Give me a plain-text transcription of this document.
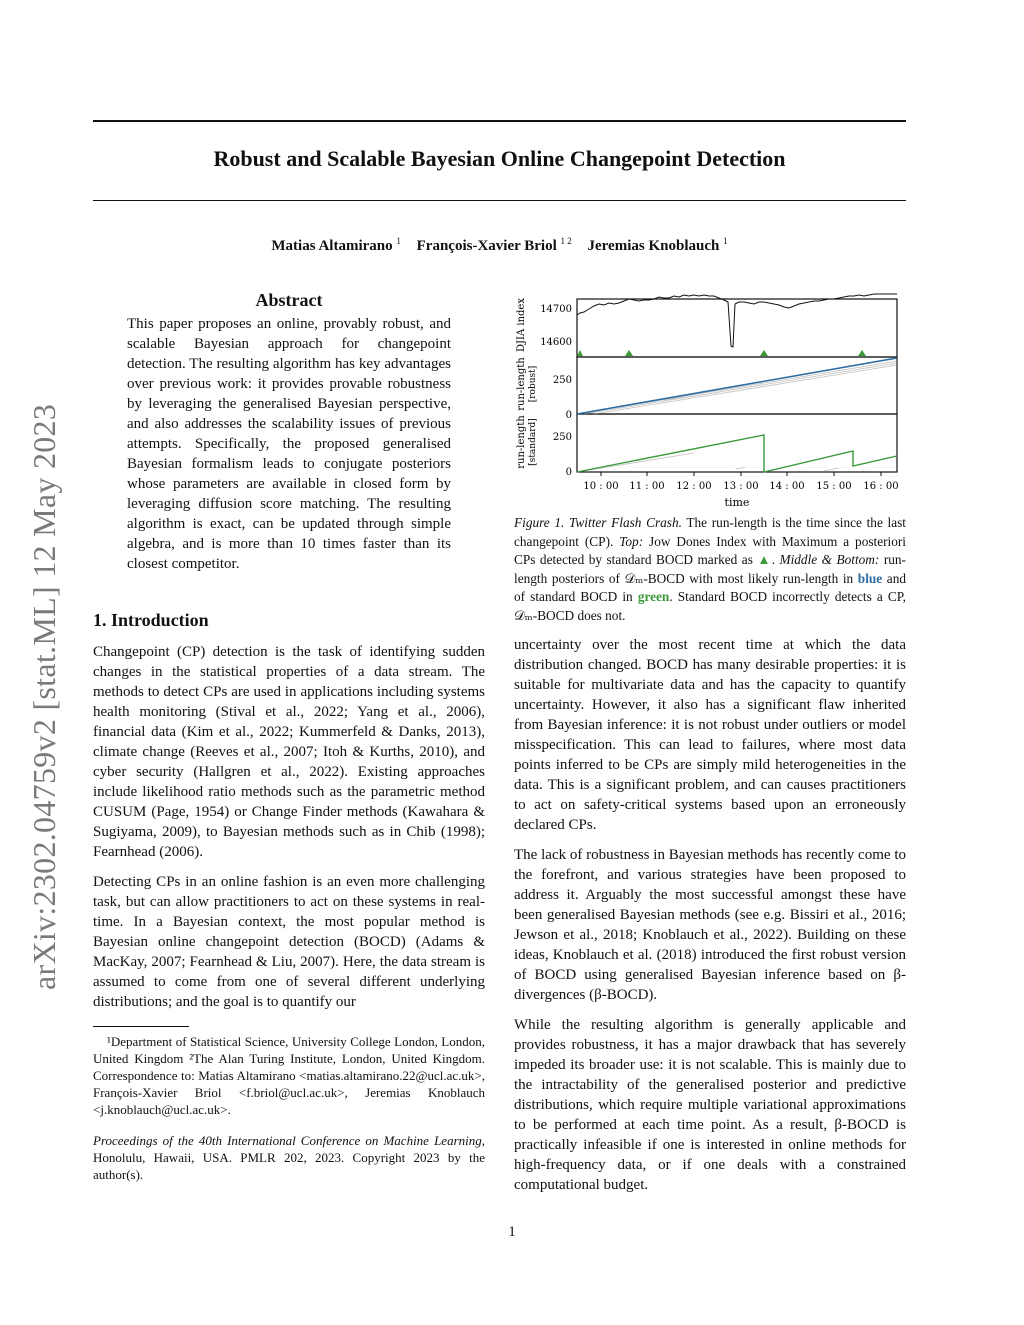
arXiv:2302.04759v2 [stat.ML] 12 May 2023
Robust and Scalable Bayesian Online Changepoint Detection
Matias Altamirano $^1$ François-Xavier Briol $^{1 2}$ Jeremias Knoblauch $^1$
Abstract

This paper proposes an online, provably robust, and scalable Bayesian approach for changepoint detection. The resulting algorithm has key advantages over previous work: it provides provable robustness by leveraging the generalised Bayesian perspective, and also addresses the scalability issues of previous attempts. Specifically, the proposed generalised Bayesian formalism leads to conjugate posteriors whose parameters are available in closed form by leveraging diffusion score matching. The resulting algorithm is exact, can be updated through simple algebra, and is more than 10 times faster than its closest competitor.

1. Introduction

Changepoint (CP) detection is the task of identifying sudden changes in the statistical properties of a data stream. The methods to detect CPs are used in applications including systems health monitoring (Stival et al., 2022; Yang et al., 2006), financial data (Kim et al., 2022; Kummerfeld & Danks, 2013), climate change (Reeves et al., 2007; Itoh & Kurths, 2010), and cyber security (Hallgren et al., 2022). Existing approaches include likelihood ratio methods such as the parametric method CUSUM (Page, 1954) or Change Finder methods (Kawahara & Sugiyama, 2009), to Bayesian methods such as in Chib (1998); Fearnhead (2006).

Detecting CPs in an online fashion is an even more challenging task, but can allow practitioners to act on these systems in real-time. In a Bayesian context, the most popular method is Bayesian online changepoint detection (BOCD) (Adams & MacKay, 2007; Fearnhead & Liu, 2007). Here, the data stream is assumed to come from one of several different underlying distributions; and the goal is to quantify our

¹Department of Statistical Science, University College London, London, United Kingdom ²The Alan Turing Institute, London, United Kingdom. Correspondence to: Matias Altamirano <matias.altamirano.22@ucl.ac.uk>, François-Xavier Briol <f.briol@ucl.ac.uk>, Jeremias Knoblauch <j.knoblauch@ucl.ac.uk>.

Proceedings of the 40th International Conference on Machine Learning, Honolulu, Hawaii, USA. PMLR 202, 2023. Copyright 2023 by the author(s).

DJIA index
run-length [robust]
run-length [standard]
14700
14600
250
0
250
0
10 : 00 11 : 00 12 : 00 13 : 00 14 : 00 15 : 00 16 : 00
time
Figure 1. Twitter Flash Crash. The run-length is the time since the last changepoint (CP). Top: Jow Dones Index with Maximum a posteriori CPs detected by standard BOCD marked as ▲. Middle & Bottom: run-length posteriors of 𝒟ₘ-BOCD with most likely run-length in blue and of standard BOCD in green. Standard BOCD incorrectly detects a CP, 𝒟ₘ-BOCD does not.

uncertainty over the most recent time at which the data distribution changed. BOCD has many desirable properties: it is suitable for multivariate data and has the capacity to quantify uncertainty. However, it also has a significant flaw inherited from Bayesian inference: it is not robust under outliers or model misspecification. This can lead to failures, where most data points inferred to be CPs are simply mild heterogeneities in the data. This is a significant problem, and can causes practitioners to act on safety-critical systems based upon an erroneously declared CPs.

The lack of robustness in Bayesian methods has recently come to the forefront, and various strategies have been proposed to address it. Arguably the most successful amongst these have been generalised Bayesian methods (see e.g. Bissiri et al., 2016; Jewson et al., 2018; Knoblauch et al., 2022). Building on these ideas, Knoblauch et al. (2018) introduced the first robust version of BOCD using generalised Bayesian inference based on β-divergences (β-BOCD).

While the resulting algorithm is generally applicable and provides robustness, it has a major drawback that has severely impeded its broader use: it is not scalable. This is mainly due to the intractability of the generalised posterior and predictive distributions, which require multiple variational approximations to be performed at each time point. As a result, β-BOCD is practically infeasible if one is interested in online methods for high-frequency data, or if one deals with a constrained computational budget.

1
